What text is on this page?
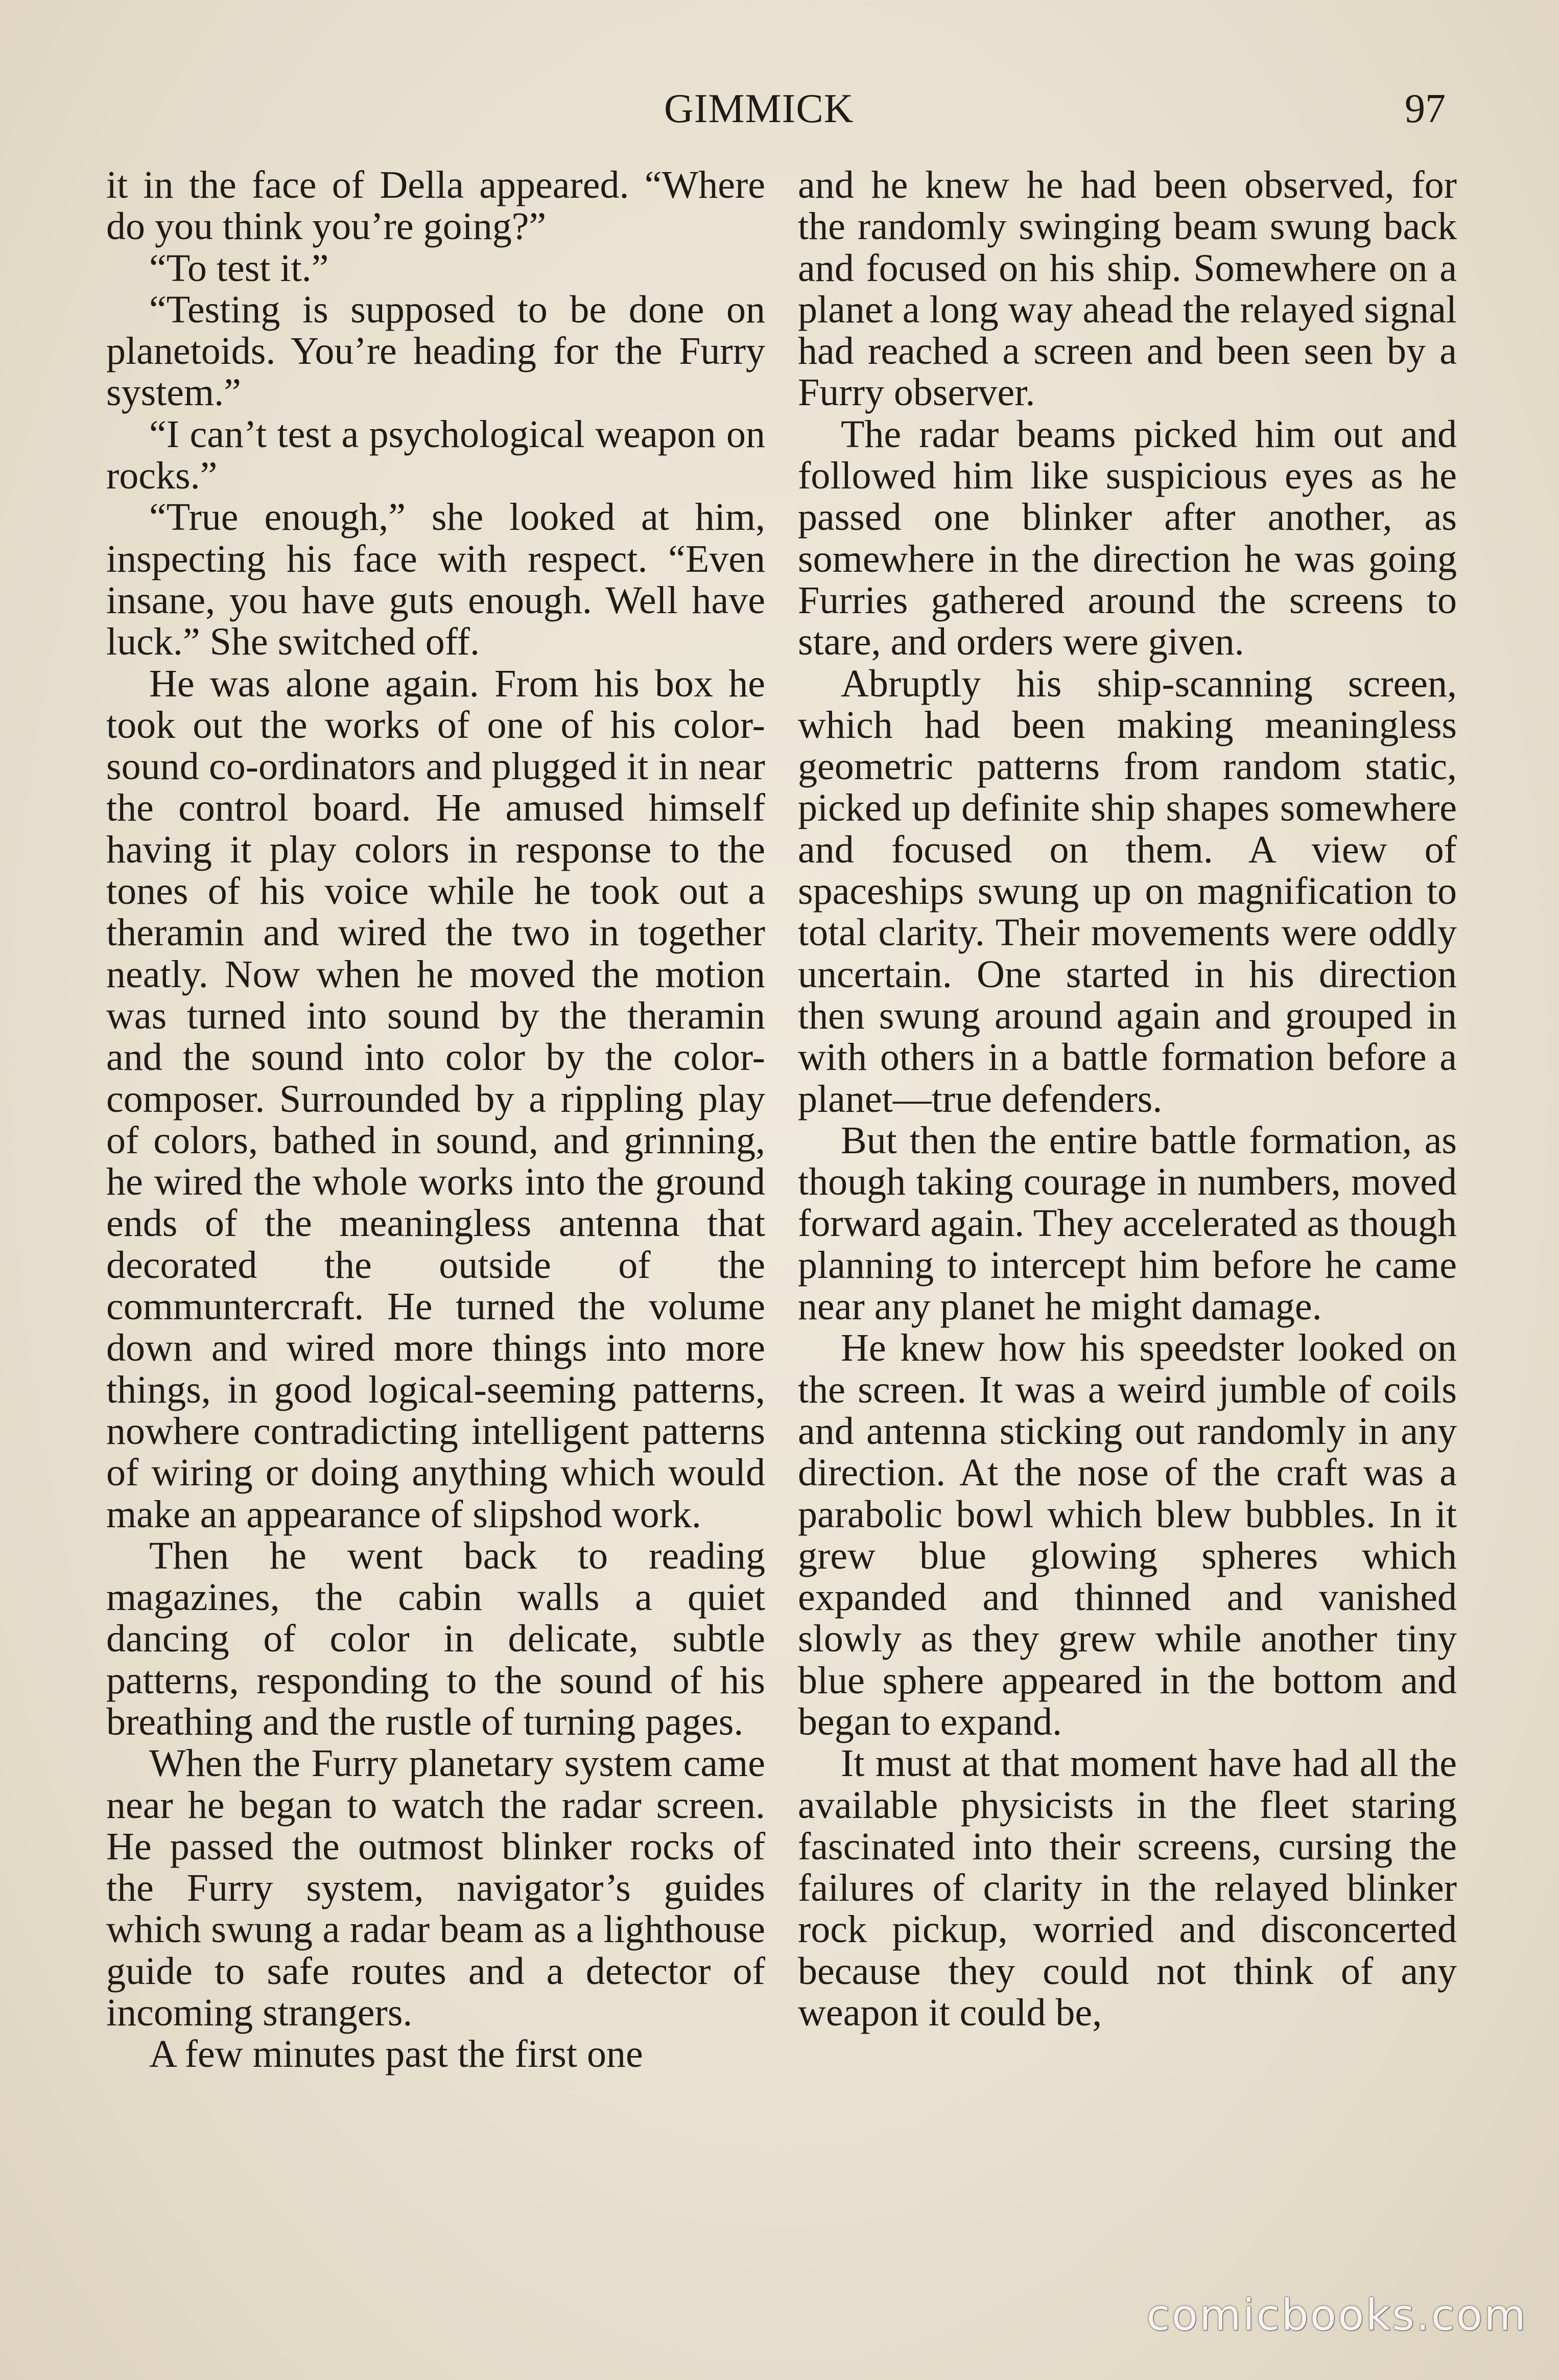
GIMMICK	97

it in the face of Della appeared. “Where do you think you’re going?”

“To test it.”

“Testing is supposed to be done on planetoids. You’re heading for the Furry system.”

“I can’t test a psychological weapon on rocks.”

“True enough,” she looked at him, inspecting his face with respect. “Even insane, you have guts enough. Well have luck.” She switched off.

He was alone again. From his box he took out the works of one of his color-sound co-ordinators and plugged it in near the control board. He amused himself having it play colors in response to the tones of his voice while he took out a theramin and wired the two in together neatly. Now when he moved the motion was turned into sound by the theramin and the sound into color by the color-composer. Surrounded by a rippling play of colors, bathed in sound, and grinning, he wired the whole works into the ground ends of the meaningless antenna that decorated the outside of the communtercraft. He turned the volume down and wired more things into more things, in good logical-seeming patterns, nowhere contradicting intelligent patterns of wiring or doing anything which would make an appearance of slipshod work.

Then he went back to reading magazines, the cabin walls a quiet dancing of color in delicate, subtle patterns, responding to the sound of his breathing and the rustle of turning pages.

When the Furry planetary system came near he began to watch the radar screen. He passed the outmost blinker rocks of the Furry system, navigator’s guides which swung a radar beam as a lighthouse guide to safe routes and a detector of incoming strangers.

A few minutes past the first one

and he knew he had been observed, for the randomly swinging beam swung back and focused on his ship. Somewhere on a planet a long way ahead the relayed signal had reached a screen and been seen by a Furry observer.

The radar beams picked him out and followed him like suspicious eyes as he passed one blinker after another, as somewhere in the direction he was going Furries gathered around the screens to stare, and orders were given.

Abruptly his ship-scanning screen, which had been making meaningless geometric patterns from random static, picked up definite ship shapes somewhere and focused on them. A view of spaceships swung up on magnification to total clarity. Their movements were oddly uncertain. One started in his direction then swung around again and grouped in with others in a battle formation before a planet—true defenders.

But then the entire battle formation, as though taking courage in numbers, moved forward again. They accelerated as though planning to intercept him before he came near any planet he might damage.

He knew how his speedster looked on the screen. It was a weird jumble of coils and antenna sticking out randomly in any direction. At the nose of the craft was a parabolic bowl which blew bubbles. In it grew blue glowing spheres which expanded and thinned and vanished slowly as they grew while another tiny blue sphere appeared in the bottom and began to expand.

It must at that moment have had all the available physicists in the fleet staring fascinated into their screens, cursing the failures of clarity in the relayed blinker rock pickup, worried and disconcerted because they could not think of any weapon it could be,

comicbooks.com
